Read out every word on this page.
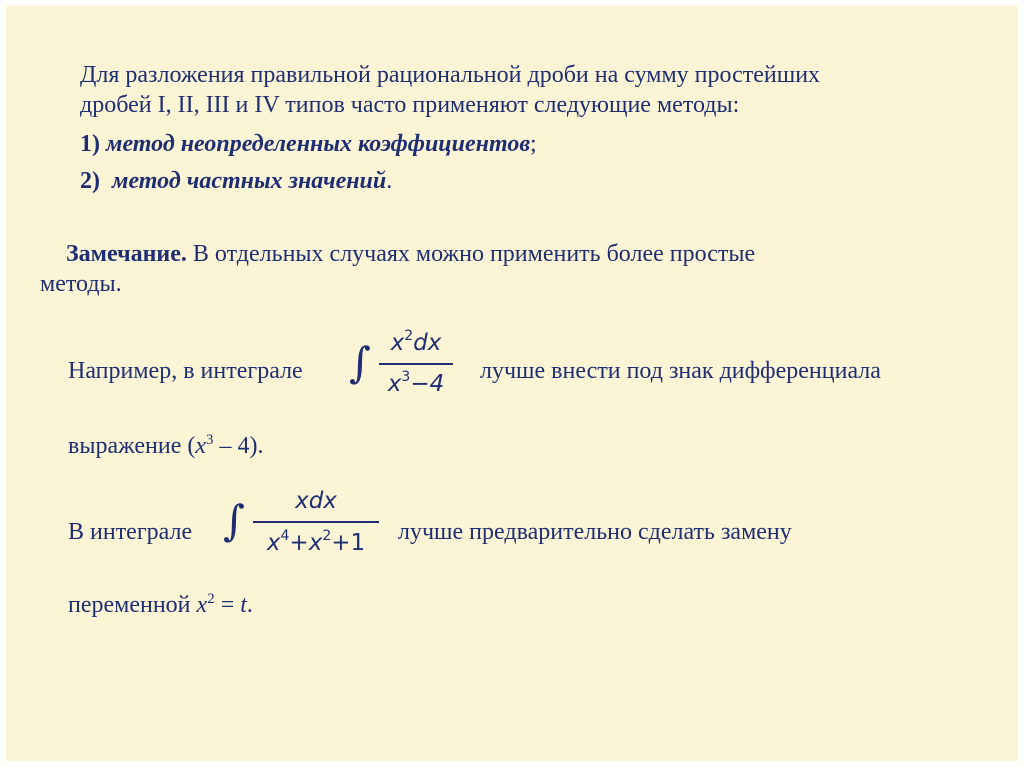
Для разложения правильной рациональной дроби на сумму простейших
дробей I, II, III и IV типов часто применяют следующие методы:
1) метод неопределенных коэффициентов;
2) метод частных значений.
Замечание. В отдельных случаях можно применить более простые
методы.
Например, в интеграле ∫ $x^2dx$
$x^3-4$	лучше внести под знак дифференциала
выражение $(x^3 - 4)$.
В интеграле ∫	xdx
$x^4+x^2+1$	лучше предварительно сделать замену
переменной $x^2 = t$.
